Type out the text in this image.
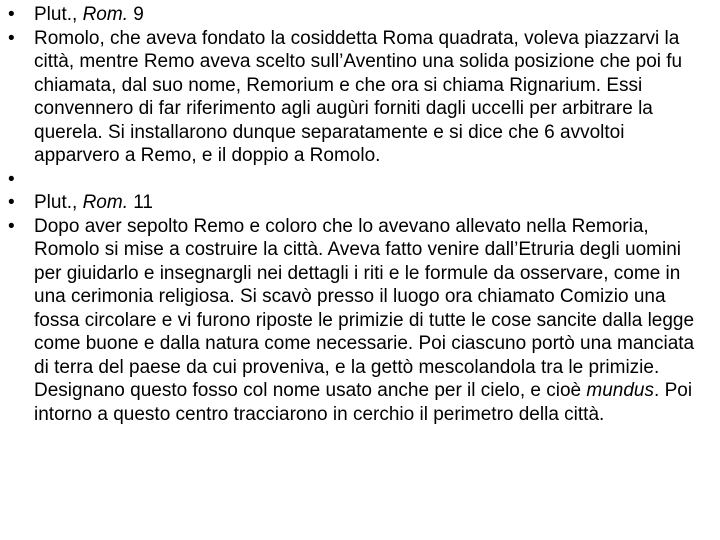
•	Plut., Rom. 9
•	Romolo, che aveva fondato la cosiddetta Roma quadrata, voleva piazzarvi la città, mentre Remo aveva scelto sull’Aventino una solida posizione che poi fu chiamata, dal suo nome, Remorium e che ora si chiama Rignarium. Essi convennero di far riferimento agli augùri forniti dagli uccelli per arbitrare la querela. Si installarono dunque separatamente e si dice che 6 avvoltoi apparvero a Remo, e il doppio a Romolo.
•
•	Plut., Rom. 11
•	Dopo aver sepolto Remo e coloro che lo avevano allevato nella Remoria, Romolo si mise a costruire la città. Aveva fatto venire dall’Etruria degli uomini per giuidarlo e insegnargli nei dettagli i riti e le formule da osservare, come in una cerimonia religiosa. Si scavò presso il luogo ora chiamato Comizio una fossa circolare e vi furono riposte le primizie di tutte le cose sancite dalla legge come buone e dalla natura come necessarie. Poi ciascuno portò una manciata di terra del paese da cui proveniva, e la gettò mescolandola tra le primizie. Designano questo fosso col nome usato anche per il cielo, e cioè mundus. Poi intorno a questo centro tracciarono in cerchio il perimetro della città.
